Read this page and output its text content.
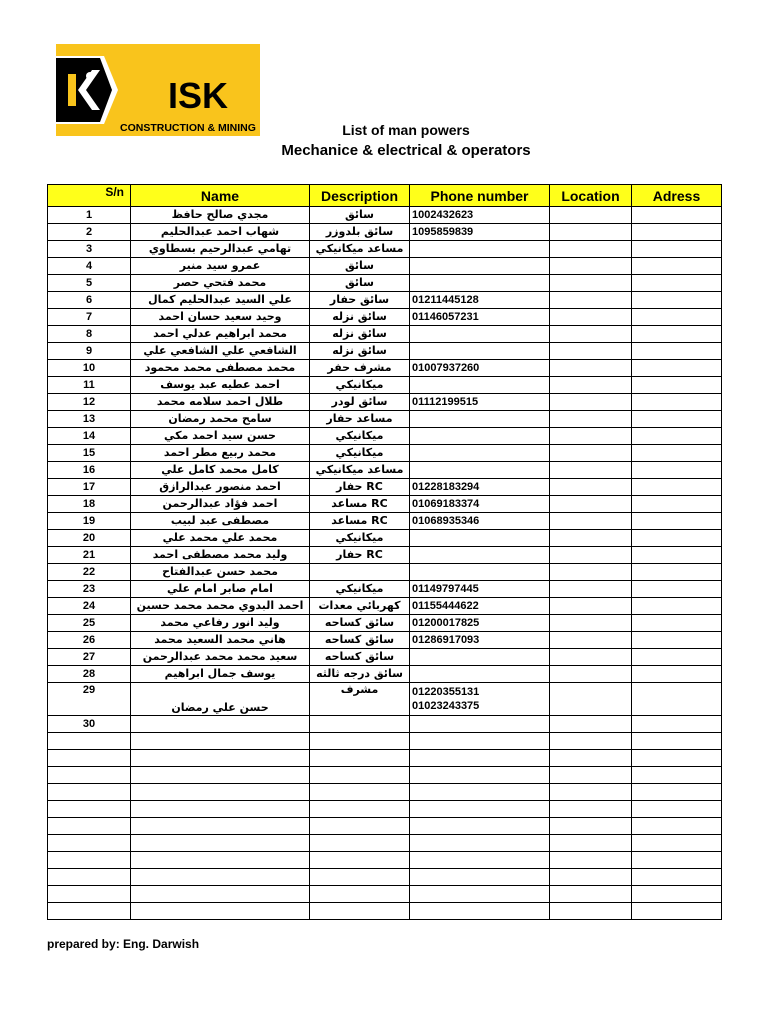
ISK
CONSTRUCTION & MINING	List of man powers
Mechanice & electrical & operators
S/n	Name	Description	Phone number	Location	Adress
1	مجدي صالح حافظ	سائق	1002432623		
2	شهاب احمد عبدالحليم	سائق بلدوزر	1095859839		
3	تهامي عبدالرحيم بسطاوي	مساعد ميكانيكي			
4	عمرو سيد منير	سائق			
5	محمد فتحي حصر	سائق			
6	علي السيد عبدالحليم كمال	سائق حفار	01211445128		
7	وحيد سعيد حسان احمد	سائق نزله	01146057231		
8	محمد ابراهيم عدلي احمد	سائق نزله			
9	الشافعي علي الشافعي علي	سائق نزله			
10	محمد مصطفى محمد محمود	مشرف حفر	01007937260		
11	احمد عطيه عبد يوسف	ميكانيكي			
12	طلال احمد سلامه محمد	سائق لودر	01112199515		
13	سامح محمد رمضان	مساعد حفار			
14	حسن سيد احمد مكي	ميكانيكي			
15	محمد ربيع مطر احمد	ميكانيكي			
16	كامل محمد كامل علي	مساعد ميكانيكي			
17	احمد منصور عبدالرازق	حفار RC	01228183294		
18	احمد فؤاد عبدالرحمن	مساعد RC	01069183374		
19	مصطفى عبد لبيب	مساعد RC	01068935346		
20	محمد علي محمد علي	ميكانيكي			
21	وليد محمد مصطفى احمد	حفار RC			
22	محمد حسن عبدالفتاح				
23	امام صابر امام علي	ميكانيكي	01149797445		
24	احمد البدوي محمد محمد حسين	كهربائي معدات	01155444622		
25	وليد انور رفاعي محمد	سائق كساحه	01200017825		
26	هاني محمد السعيد محمد	سائق كساحه	01286917093		
27	سعيد محمد محمد عبدالرحمن	سائق كساحه			
28	يوسف جمال ابراهيم	سائق درجه ثالثه			
29	حسن علي رمضان	مشرف	01220355131
01023243375		

30					

prepared by: Eng. Darwish
